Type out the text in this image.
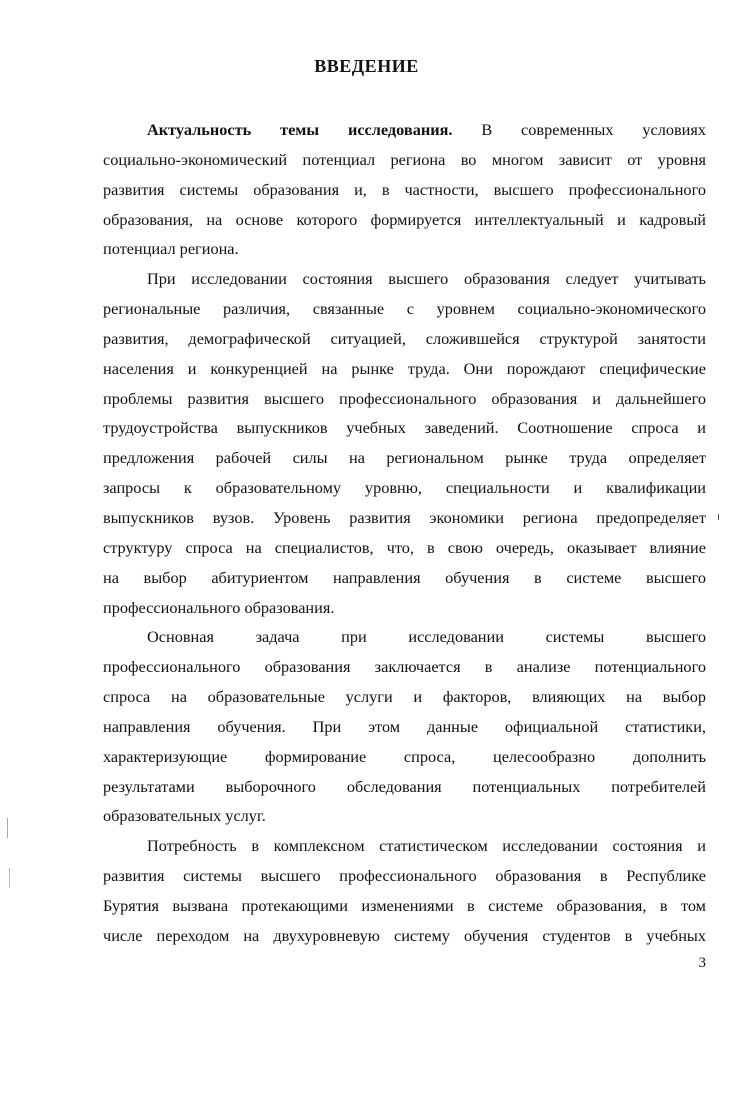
ВВЕДЕНИЕ
Актуальность темы исследования. В современных условиях
социально-экономический потенциал региона во многом зависит от уровня
развития системы образования и, в частности, высшего профессионального
образования, на основе которого формируется интеллектуальный и кадровый
потенциал региона.
При исследовании состояния высшего образования следует учитывать
региональные различия, связанные с уровнем социально-экономического
развития, демографической ситуацией, сложившейся структурой занятости
населения и конкуренцией на рынке труда. Они порождают специфические
проблемы развития высшего профессионального образования и дальнейшего
трудоустройства выпускников учебных заведений. Соотношение спроса и
предложения рабочей силы на региональном рынке труда определяет
запросы к образовательному уровню, специальности и квалификации
выпускников вузов. Уровень развития экономики региона предопределяет
структуру спроса на специалистов, что, в свою очередь, оказывает влияние
на выбор абитуриентом направления обучения в системе высшего
профессионального образования.
Основная задача при исследовании системы высшего
профессионального образования заключается в анализе потенциального
спроса на образовательные услуги и факторов, влияющих на выбор
направления обучения. При этом данные официальной статистики,
характеризующие формирование спроса, целесообразно дополнить
результатами выборочного обследования потенциальных потребителей
образовательных услуг.
Потребность в комплексном статистическом исследовании состояния и
развития системы высшего профессионального образования в Республике
Бурятия вызвана протекающими изменениями в системе образования, в том
числе переходом на двухуровневую систему обучения студентов в учебных
3
